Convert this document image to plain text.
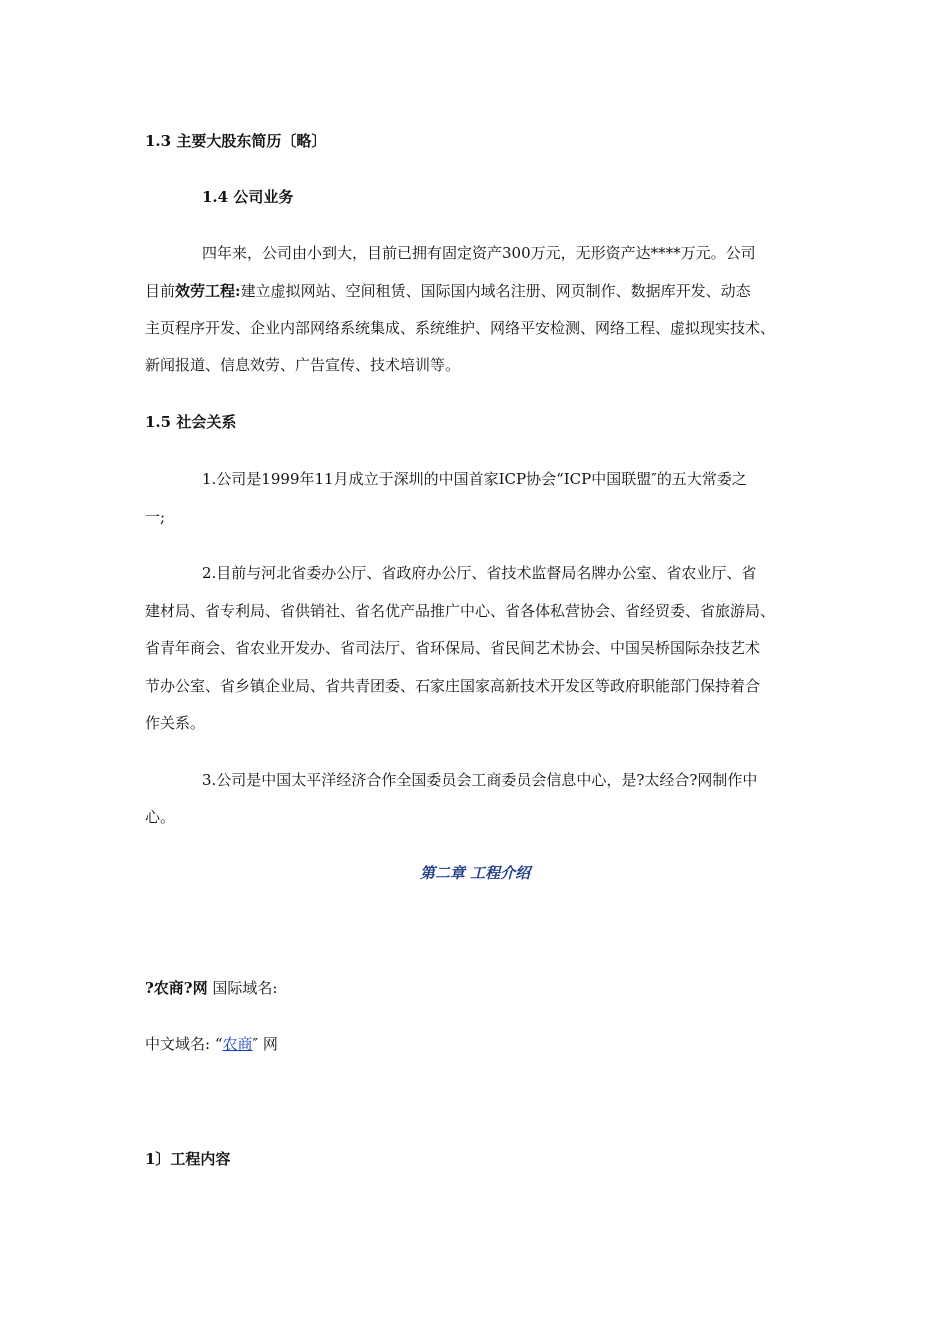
1.3 主要大股东简历〔略〕
1.4 公司业务
四年来，公司由小到大，目前已拥有固定资产300万元，无形资产达****万元。公司
目前效劳工程:建立虚拟网站、空间租赁、国际国内域名注册、网页制作、数据库开发、动态
主页程序开发、企业内部网络系统集成、系统维护、网络平安检测、网络工程、虚拟现实技术、
新闻报道、信息效劳、广告宣传、技术培训等。
1.5 社会关系
1.公司是1999年11月成立于深圳的中国首家ICP协会“ICP中国联盟″的五大常委之
一;
2.目前与河北省委办公厅、省政府办公厅、省技术监督局名牌办公室、省农业厅、省
建材局、省专利局、省供销社、省名优产品推广中心、省各体私营协会、省经贸委、省旅游局、
省青年商会、省农业开发办、省司法厅、省环保局、省民间艺术协会、中国吴桥国际杂技艺术
节办公室、省乡镇企业局、省共青团委、石家庄国家高新技术开发区等政府职能部门保持着合
作关系。
3.公司是中国太平洋经济合作全国委员会工商委员会信息中心，是?太经合?网制作中
心。
第二章 工程介绍
?农商?网 国际域名:
中文域名: “农商″ 网
1〕工程内容
